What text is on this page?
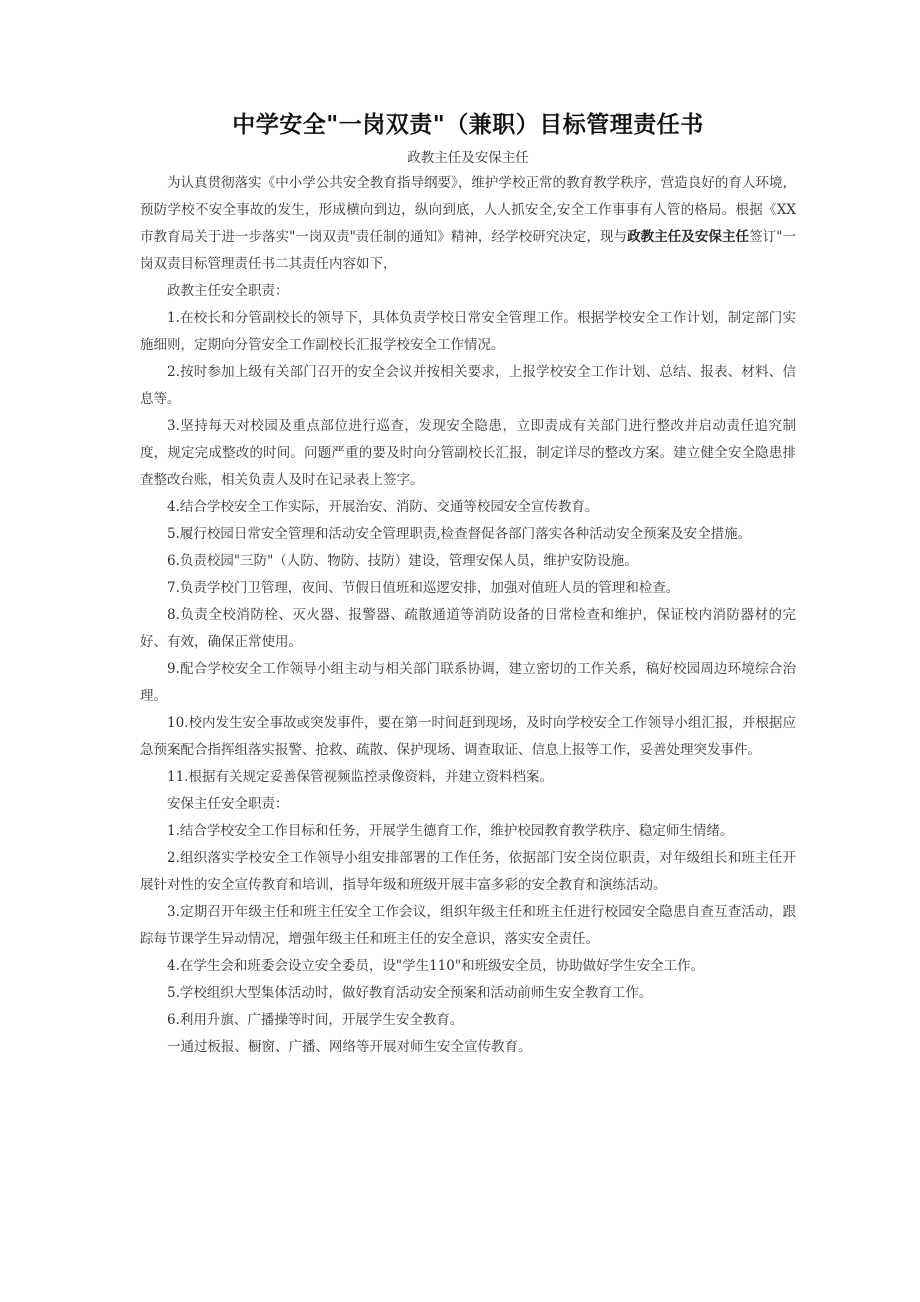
中学安全"一岗双责"（兼职）目标管理责任书
政教主任及安保主任

为认真贯彻落实《中小学公共安全教育指导纲要》，维护学校正常的教育教学秩序，营造良好的育人环境，预防学校不安全事故的发生，形成横向到边，纵向到底，人人抓安全,安全工作事事有人管的格局。根据《XX市教育局关于进一步落实"一岗双责"责任制的通知》精神，经学校研究决定，现与政教主任及安保主任签订"一岗双责目标管理责任书二其责任内容如下，

政教主任安全职责：

1.在校长和分管副校长的领导下，具体负责学校日常安全管理工作。根据学校安全工作计划，制定部门实施细则，定期向分管安全工作副校长汇报学校安全工作情况。

2.按时参加上级有关部门召开的安全会议并按相关要求，上报学校安全工作计划、总结、报表、材料、信息等。

3.坚持每天对校园及重点部位进行巡查，发现安全隐患，立即责成有关部门进行整改并启动责任追究制度，规定完成整改的时间。问题严重的要及时向分管副校长汇报，制定详尽的整改方案。建立健全安全隐患排查整改台账，相关负责人及时在记录表上签字。

4.结合学校安全工作实际，开展治安、消防、交通等校园安全宣传教育。

5.履行校园日常安全管理和活动安全管理职责,检查督促各部门落实各种活动安全预案及安全措施。

6.负责校园"三防"（人防、物防、技防）建设，管理安保人员，维护安防设施。

7.负责学校门卫管理，夜间、节假日值班和巡逻安排，加强对值班人员的管理和检查。

8.负责全校消防栓、灭火器、报警器、疏散通道等消防设备的日常检查和维护，保证校内消防器材的完好、有效，确保正常使用。

9.配合学校安全工作领导小组主动与相关部门联系协调，建立密切的工作关系，稿好校园周边环境综合治理。

10.校内发生安全事故或突发事件，要在第一时间赶到现场，及时向学校安全工作领导小组汇报，并根据应急预案配合指挥组落实报警、抢救、疏散、保护现场、调查取证、信息上报等工作，妥善处理突发事件。

11.根据有关规定妥善保管视频监控录像资料，并建立资料档案。

安保主任安全职责：

1.结合学校安全工作目标和任务，开展学生德育工作，维护校园教育教学秩序、稳定师生情绪。

2.组织落实学校安全工作领导小组安排部署的工作任务，依据部门安全岗位职责，对年级组长和班主任开展针对性的安全宣传教育和培训，指导年级和班级开展丰富多彩的安全教育和演练活动。

3.定期召开年级主任和班主任安全工作会议，组织年级主任和班主任进行校园安全隐患自查互查活动，跟踪每节课学生异动情况，增强年级主任和班主任的安全意识，落实安全责任。

4.在学生会和班委会设立安全委员，设"学生110"和班级安全员，协助做好学生安全工作。

5.学校组织大型集体活动时，做好教育活动安全预案和活动前师生安全教育工作。

6.利用升旗、广播操等时间，开展学生安全教育。

一通过板报、橱窗、广播、网络等开展对师生安全宣传教育。
